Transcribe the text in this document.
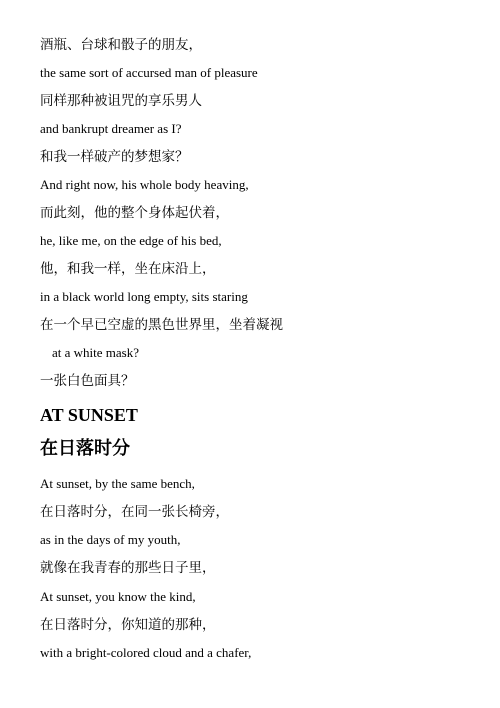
酒瓶、台球和骰子的朋友，
the same sort of accursed man of pleasure
同样那种被诅咒的享乐男人
and bankrupt dreamer as I?
和我一样破产的梦想家？
And right now, his whole body heaving,
而此刻，他的整个身体起伏着，
he, like me, on the edge of his bed,
他，和我一样，坐在床沿上，
in a black world long empty, sits staring
在一个早已空虚的黑色世界里，坐着凝视
at a white mask?
一张白色面具？
AT SUNSET
在日落时分
At sunset, by the same bench,
在日落时分，在同一张长椅旁，
as in the days of my youth,
就像在我青春的那些日子里，
At sunset, you know the kind,
在日落时分，你知道的那种，
with a bright-colored cloud and a chafer,
